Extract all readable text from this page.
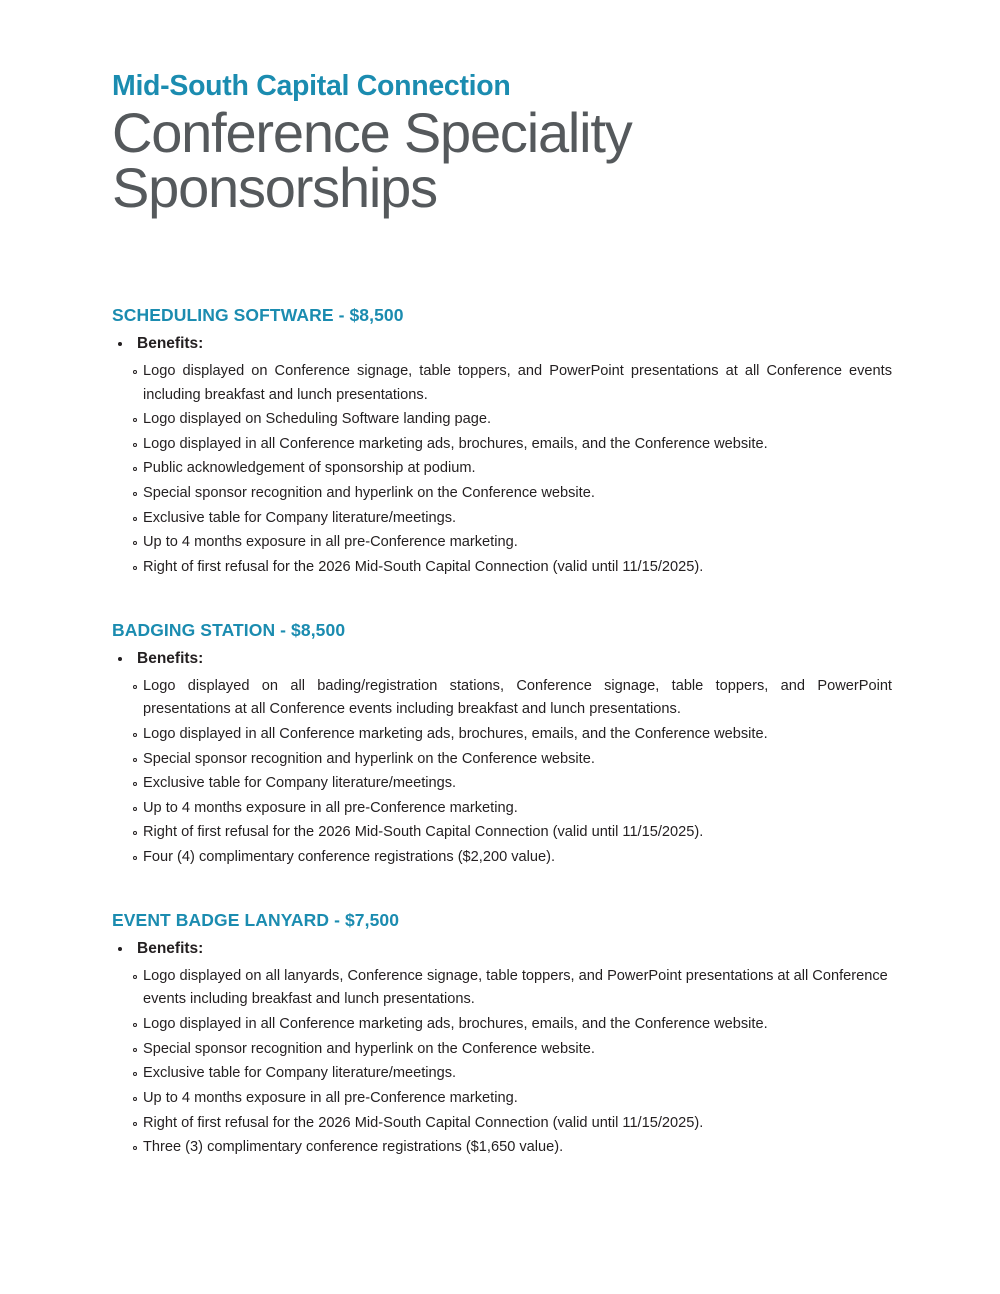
Mid-South Capital Connection
Conference Speciality Sponsorships
SCHEDULING SOFTWARE - $8,500
Benefits:
Logo displayed on Conference signage, table toppers, and PowerPoint presentations at all Conference events including breakfast and lunch presentations.
Logo displayed on Scheduling Software landing page.
Logo displayed in all Conference marketing ads, brochures, emails, and the Conference website.
Public acknowledgement of sponsorship at podium.
Special sponsor recognition and hyperlink on the Conference website.
Exclusive table for Company literature/meetings.
Up to 4 months exposure in all pre-Conference marketing.
Right of first refusal for the 2026 Mid-South Capital Connection (valid until 11/15/2025).
BADGING STATION - $8,500
Benefits:
Logo displayed on all bading/registration stations, Conference signage, table toppers, and PowerPoint presentations at all Conference events including breakfast and lunch presentations.
Logo displayed in all Conference marketing ads, brochures, emails, and the Conference website.
Special sponsor recognition and hyperlink on the Conference website.
Exclusive table for Company literature/meetings.
Up to 4 months exposure in all pre-Conference marketing.
Right of first refusal for the 2026 Mid-South Capital Connection (valid until 11/15/2025).
Four (4) complimentary conference registrations ($2,200 value).
EVENT BADGE LANYARD - $7,500
Benefits:
Logo displayed on all lanyards, Conference signage, table toppers, and PowerPoint presentations at all Conference events including breakfast and lunch presentations.
Logo displayed in all Conference marketing ads, brochures, emails, and the Conference website.
Special sponsor recognition and hyperlink on the Conference website.
Exclusive table for Company literature/meetings.
Up to 4 months exposure in all pre-Conference marketing.
Right of first refusal for the 2026 Mid-South Capital Connection (valid until 11/15/2025).
Three (3) complimentary conference registrations ($1,650 value).
